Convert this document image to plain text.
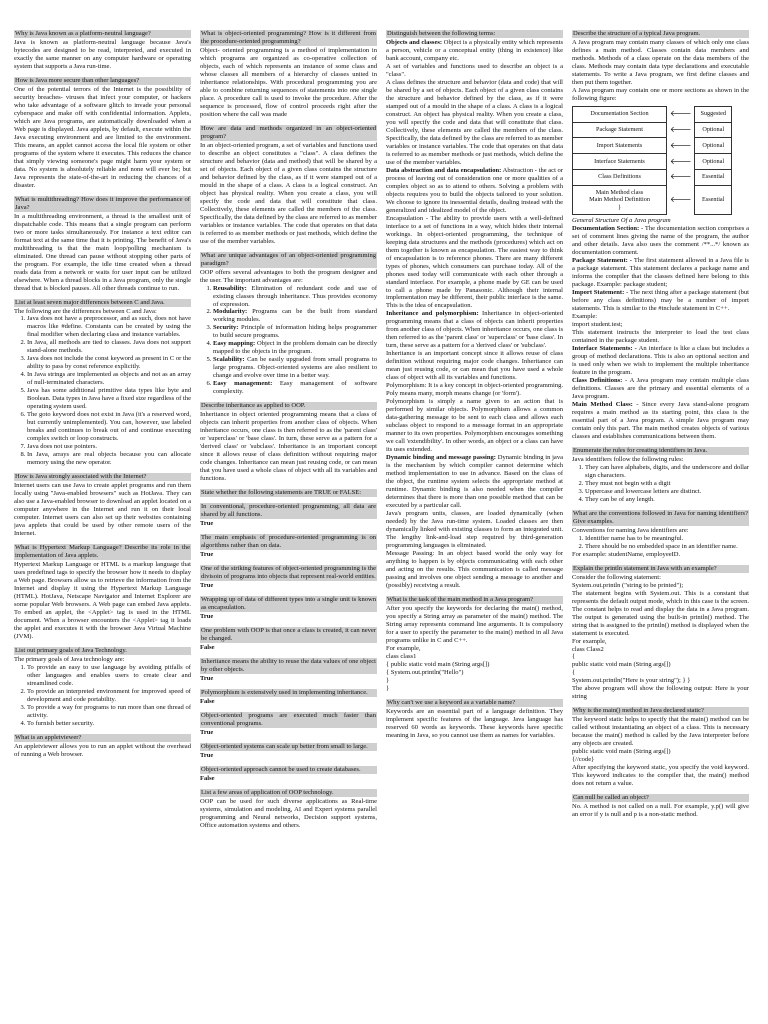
Why is Java known as a platform-neutral language?

Java is known as platform-neutral language because Java's bytecodes are designed to be read, interpreted, and executed in exactly the same manner on any computer hardware or operating system that supports a Java run-time.

How is Java more secure than other languages?

One of the potential terrors of the Internet is the possibility of security breaches- viruses that infect your computer, or hackers who take advantage of a software glitch to invade your personal cyberspace and make off with confidential information. Applets, which are Java programs, are automatically downloaded when a Web page is displayed. Java applets, by default, execute within the Java executing environment and are limited to the environment. This means, an applet cannot access the local file system or other programs of the system where it executes. This reduces the chance that simply viewing someone's page might harm your system or data. No system is absolutely reliable and none will ever be; but Java represents the state-of-the-art in reducing the chances of a disaster.

What is multithreading? How does it improve the performance of Java?

In a multithreading environment, a thread is the smallest unit of dispatchable code. This means that a single program can perform two or more tasks simultaneously. For instance a text editor can format text at the same time that it is printing. The benefit of Java's multithreading is that the main loop/polling mechanism is eliminated. One thread can pause without stopping other parts of the program. For example, the idle time created when a thread reads data from a network or waits for user input can be utilized elsewhere. When a thread blocks in a Java program, only the single thread that is blocked pauses. All other threads continue to run.

List at least seven major differences between C and Java.

The following are the differences between C and Java:

1. Java does not have a preprocessor, and as such, does not have macros like #define. Constants can be created by using the final modifier when declaring class and instance variables.
2. In Java, all methods are tied to classes. Java does not support stand-alone methods.
3. Java does not include the const keyword as present in C or the ability to pass by const reference explicitly.
4. In Java strings are implemented as objects and not as an array of null-terminated characters.
5. Java has some additional primitive data types like byte and Boolean. Data types in Java have a fixed size regardless of the operating system used.
6. The goto keyword does not exist in Java (it's a reserved word, but currently unimplemented). You can, however, use labeled breaks and continues to break out of and continue executing complex switch or loop constructs.
7. Java does not use pointers.
8. In Java, arrays are real objects because you can allocate memory using the new operator.
How is Java strongly associated with the Internet?

Internet users can use Java to create applet programs and run them locally using "Java-enabled browsers" such as HotJava. They can also use a Java-enabled browser to download an applet located on a computer anywhere in the Internet and run it on their local computer. Internet users can also set up their websites containing java applets that could be used by other remote users of the Internet.

What is Hypertext Markup Language? Describe its role in the implementation of Java applets.

Hypertext Markup Language or HTML is a markup language that uses predefined tags to specify the browser how it needs to display a Web page. Browsers allow us to retrieve the information from the Internet and display it using the Hypertext Markup Language (HTML). HotJava, Netscape Navigator and Internet Explorer are some popular Web browsers. A Web page can embed Java applets. To embed an applet, the <Applet> tag is used in the HTML document. When a browser encounters the <Applet> tag it loads the applet and executes it with the browser Java Virtual Machine (JVM).

List out primary goals of Java Technology.

The primary goals of Java technology are:

1. To provide an easy to use language by avoiding pitfalls of other languages and enables users to create clear and streamlined code.
2. To provide an interpreted environment for improved speed of development and code portability.
3. To provide a way for programs to run more than one thread of activity.
4. To furnish better security.
What is an appletviewer?

An appletviewer allows you to run an applet without the overhead of running a Web browser.

What is object-oriented programming? How is it different from the procedure-oriented programming?

Object- oriented programming is a method of implementation in which programs are organized as co-operative collection of objects, each of which represents an instance of some class and whose classes all members of a hierarchy of classes united in inheritance relationships. With procedural programming you are able to combine returning sequences of statements into one single place. A procedure call is used to invoke the procedure. After the sequence is processed, flow of control proceeds right after the position where the call was made

How are data and methods organized in an object-oriented program?

In an object-oriented program, a set of variables and functions used to describe an object constitutes a "class". A class defines the structure and behavior (data and method) that will be shared by a set of objects. Each object of a given class contains the structure and behavior defined by the class, as if it were stamped out of a mould in the shape of a class. A class is a logical construct. An object has physical reality. When you create a class, you will specify the code and data that will constitute that class. Collectively, these elements are called the members of the class. Specifically, the data defined by the class are referred to as member variables or instance variables. The code that operates on that data is referred to as member methods or just methods, which define the use of the member variables.

What are unique advantages of an object-oriented programming paradigm?

OOP offers several advantages to both the program designer and the user. The important advantages are:

1. Reusability: Elimination of redundant code and use of existing classes through inheritance. Thus provides economy of expression.
2. Modularity: Programs can be the built from standard working modules.
3. Security: Principle of information hiding helps programmer to build secure programs.
4. Easy mapping: Object in the problem domain can be directly mapped to the objects in the program.
5. Scalability: Can be easily upgraded from small programs to large programs. Object-oriented systems are also resilient to change and evolve over time in a better way.
6. Easy management: Easy management of software complexity.
Describe inheritance as applied to OOP.

Inheritance in object oriented programming means that a class of objects can inherit properties from another class of objects. When inheritance occurs, one class is then referred to as the 'parent class' or 'superclass' or 'base class'. In turn, these serve as a pattern for a 'derived class' or 'subclass'. Inheritance is an important concept since it allows reuse of class definition without requiring major code changes. Inheritance can mean just reusing code, or can mean that you have used a whole class of object with all its variables and functions.

State whether the following statements are TRUE or FALSE:
In conventional, procedure-oriented programming, all data are shared by all functions.
True
The main emphasis of procedure-oriented programming is on algorithms rather than on data.
True
One of the striking features of object-oriented programming is the divisoin of programs into objects that represent real-world entities.
True
Wrapping up of data of different types into a single unit is known as encapsulation.
True
One problem with OOP is that once a class is created, it can never be changed.
False
Inheritance means the ability to reuse the data values of one object by other objects.
True
Polymorphism is extensively used in implementing inheritance.
False
Object-oriented programs are executed much faster than conventional programs.
True
Object-oriented systems can scale up better from small to large.
True
Object-oriented approach cannot be used to create databases.
False
List a few areas of application of OOP technology.

OOP can be used for such diverse applications as Real-time systems, simulation and modeling, AI and Expert systems parallel programming and Neural networks, Decision support systems, Office automation systems and others.

Distinguish between the following terms:

Objects and classes: Object is a physically entity which represents a person, vehicle or a conceptual entity (thing in existence) like bank account, company etc.

A set of variables and functions used to describe an object is a "class".

A class defines the structure and behavior (data and code) that will be shared by a set of objects. Each object of a given class contains the structure and behavior defined by the class, as if it were stamped out of a mould in the shape of a class. A class is a logical construct. An object has physical reality. When you create a class, you will specify the code and data that will constitute that class. Collectively, these elements are called the members of the class. Specifically, the data defined by the class are referred to as member variables or instance variables. The code that operates on that data is referred to as member methods or just methods, which define the use of the member variables.

Data abstraction and data encapsulation: Abstraction - the act or process of leaving out of consideration one or more qualities of a complex object so as to attend to others. Solving a problem with objects requires you to build the objects tailored to your solution. We choose to ignore its inessential details, dealing instead with the generalized and idealized model of the object.

Encapsulation - The ability to provide users with a well-defined interface to a set of functions in a way, which hides their internal workings. In object-oriented programming, the technique of keeping data structures and the methods (procedures) which act on them together is known as encapsulation. The easiest way to think of encapsulation is to reference phones. There are many different types of phones, which consumers can purchase today. All of the phones used today will communicate with each other through a standard interface. For example, a phone made by GE can be used to call a phone made by Panasonic. Although their internal implementation may be different, their public interface is the same. This is the idea of encapsulation.

Inheritance and polymorphism: Inheritance in object-oriented programming means that a class of objects can inherit properties from another class of objects. When inheritance occurs, one class is then referred to as the 'parent class' or 'superclass' or 'base class'. In turn, these serve as a pattern for a 'derived class' or 'subclass'.

Inheritance is an important concept since it allows reuse of class definition without requiring major code changes. Inheritance can mean just reusing code, or can mean that you have used a whole class of object with all its variables and functions.

Polymorphism: It is a key concept in object-oriented programming. Poly means many, morph means change (or 'form').

Polymorphism is simply a name given to an action that is performed by similar objects. Polymorphism allows a common data-gathering message to be sent to each class and allows each subclass object to respond to a message format in an appropriate manner to its own properties. Polymorphism encourages something we call 'extendibility'. In other words, an object or a class can have its uses extended.

Dynamic binding and message passing: Dynamic binding in java is the mechanism by which compiler cannot determine which method implementation to use in advance. Based on the class of the object, the runtime system selects the appropriate method at runtime. Dynamic binding is also needed when the compiler determines that there is more than one possible method that can be executed by a particular call.

Java's program units, classes, are loaded dynamically (when needed) by the Java run-time system. Loaded classes are then dynamically linked with existing classes to form an integrated unit. The lengthy link-and-load step required by third-generation programming languages is eliminated.

Message Passing: In an object based world the only way for anything to happen is by objects communicating with each other and acting on the results. This communication is called message passing and involves one object sending a message to another and (possibly) receiving a result.

What is the task of the main method in a Java program?

After you specify the keywords for declaring the main() method, you specify a String array as parameter of the main() method. The String array represents command line arguments. It is compulsory for a user to specify the parameter to the main() method in all Java programs unlike in C and C++.

For example,

class class1

{ public static void main (String args[])

{ System.out.println("Hello")

}

}

Why can't we use a keyword as a variable name?

Keywords are an essential part of a language definition. They implement specific features of the language. Java language has reserved 60 words as keywords. These keywords have specific meaning in Java, so you cannot use them as names for variables.

Describe the structure of a typical Java program.

A Java program may contain many classes of which only one class defines a main method. Classes contain data members and methods. Methods of a class operate on the data members of the class. Methods may contain data type declarations and executable statements. To write a Java program, we first define classes and then put them together.

A Java program may contain one or more sections as shown in the following figure:

Documentation Section	🡐	Suggested
Package Statement	🡐	Optional
Import Statements	🡐	Optional
Interface Statements	🡐	Optional
Class Definitions	🡐	Essential
Main Method class
Main Method Definition
}	🡐	Essential

General Structure Of a Java program

Documentation Section: - The documentation section comprises a set of comment lines giving the name of the program, the author and other details. Java also uses the comment /**...*/ known as documentation comment.

Package Statement: - The first statement allowed in a Java file is a package statement. This statement declares a package name and informs the compiler that the classes defined here belong to this package. Example: package student;

Import Statement: - The next thing after a package statement (but before any class definitions) may be a number of import statements. This is similar to the #include statement in C++.

Example:

import student.test;

This statement instructs the interpreter to load the test class contained in the package student.

Interface Statements: - An interface is like a class but includes a group of method declarations. This is also an optional section and is used only when we wish to implement the multiple inheritance feature in the program.

Class Definitions: - A Java program may contain multiple class definitions. Classes are the primary and essential elements of a Java program.

Main Method Class: - Since every Java stand-alone program requires a main method as its starting point, this class is the essential part of a Java program. A simple Java program may contain only this part. The main method creates objects of various classes and establishes communications between them.

Enumerate the rules for creating identifiers in Java.

Java identifiers follow the following rules:

1. They can have alphabets, digits, and the underscore and dollar sign characters.
2. They must not begin with a digit
3. Uppercase and lowercase letters are distinct.
4. They can be of any length.
What are the conventions followed in Java for naming identifiers? Give examples.

Conventions for naming Java identifiers are:

1. Identifier name has to be meaningful.
2. There should be no embedded space in an identifier name.

For example: studentName, employeeID.

Explain the println statement in Java with an example?

Consider the following statement:

System.out.println ("string to be printed");

The statement begins with System.out. This is a constant that represents the default output mode, which in this case is the screen. The constant helps to read and display the data in a Java program. The output is generated using the built-in println() method. The string that is assigned to the println() method is displayed when the statement is executed.

For example,

class Class2

{

public static void main (String args[])

{

System.out.println("Here is your string"); } }

The above program will show the following output: Here is your string

Why is the main() method in Java declared static?

The keyword static helps to specify that the main() method can be called without instantiating an object of a class. This is necessary because the main() method is called by the Java interpreter before any objects are created.

public static void main (String args[])

{//code}

After specifying the keyword static, you specify the void keyword. This keyword indicates to the compiler that, the main() method does not return a value.

Can null be called an object?

No. A method is not called on a null. For example, y.p() will give an error if y is null and p is a non-static method.
